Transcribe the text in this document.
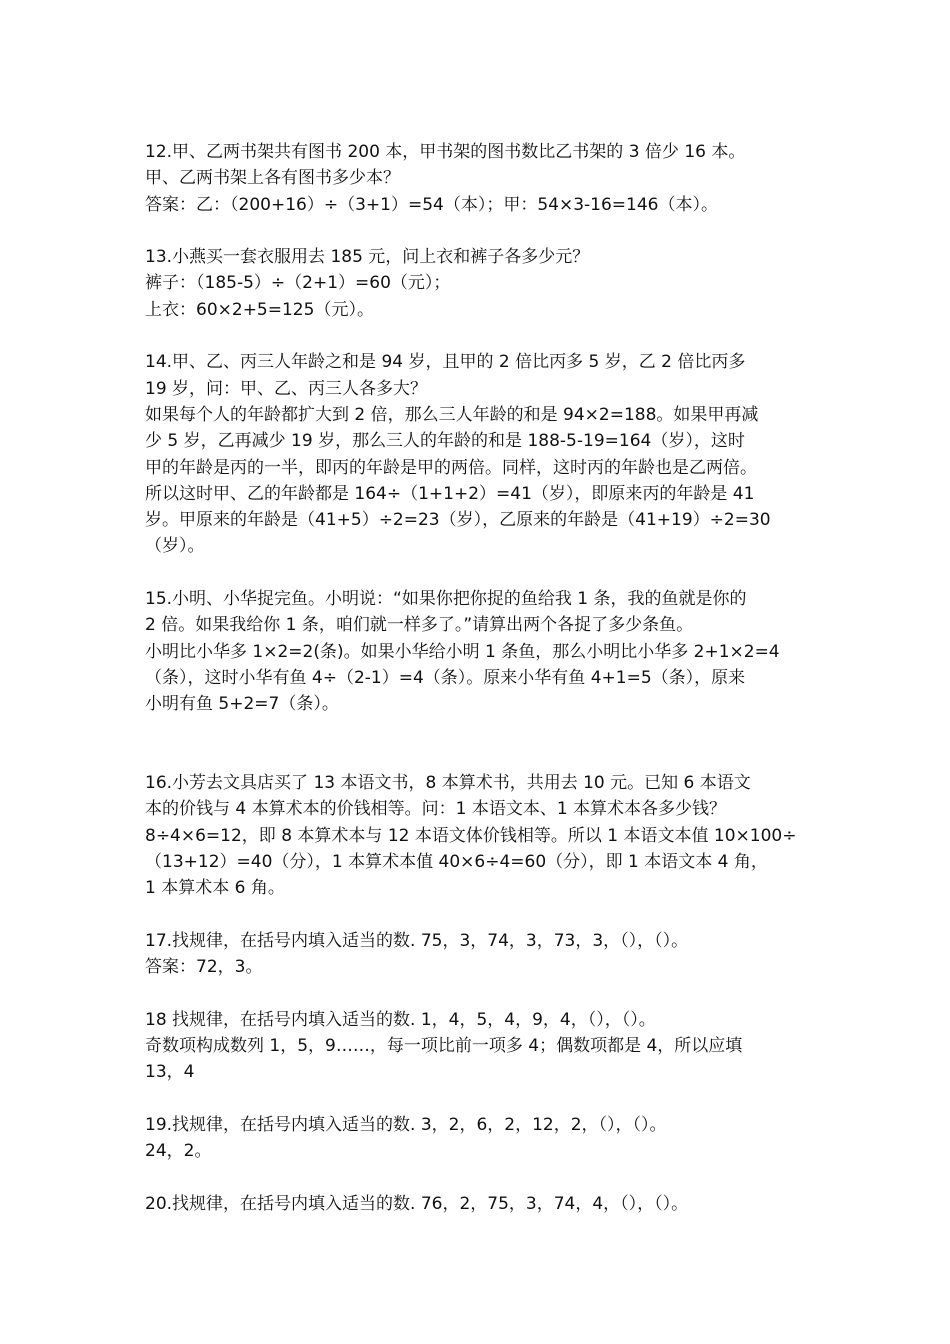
12.甲、乙两书架共有图书 200 本，甲书架的图书数比乙书架的 3 倍少 16 本。
甲、乙两书架上各有图书多少本？
答案：乙：（200+16）÷（3+1）=54（本）；甲：54×3-16=146（本）。
13.小燕买一套衣服用去 185 元，问上衣和裤子各多少元？
裤子：（185-5）÷（2+1）=60（元）；
上衣：60×2+5=125（元）。
14.甲、乙、丙三人年龄之和是 94 岁，且甲的 2 倍比丙多 5 岁，乙 2 倍比丙多
19 岁，问：甲、乙、丙三人各多大？
如果每个人的年龄都扩大到 2 倍，那么三人年龄的和是 94×2=188。如果甲再减
少 5 岁，乙再减少 19 岁，那么三人的年龄的和是 188-5-19=164（岁），这时
甲的年龄是丙的一半，即丙的年龄是甲的两倍。同样，这时丙的年龄也是乙两倍。
所以这时甲、乙的年龄都是 164÷（1+1+2）=41（岁），即原来丙的年龄是 41
岁。甲原来的年龄是（41+5）÷2=23（岁），乙原来的年龄是（41+19）÷2=30
（岁）。
15.小明、小华捉完鱼。小明说：“如果你把你捉的鱼给我 1 条，我的鱼就是你的
2 倍。如果我给你 1 条，咱们就一样多了。”请算出两个各捉了多少条鱼。
小明比小华多 1×2=2(条)。如果小华给小明 1 条鱼，那么小明比小华多 2+1×2=4
（条），这时小华有鱼 4÷（2-1）=4（条）。原来小华有鱼 4+1=5（条），原来
小明有鱼 5+2=7（条）。
16.小芳去文具店买了 13 本语文书，8 本算术书，共用去 10 元。已知 6 本语文
本的价钱与 4 本算术本的价钱相等。问：1 本语文本、1 本算术本各多少钱？
8÷4×6=12，即 8 本算术本与 12 本语文体价钱相等。所以 1 本语文本值 10×100÷
（13+12）=40（分），1 本算术本值 40×6÷4=60（分），即 1 本语文本 4 角，
1 本算术本 6 角。
17.找规律，在括号内填入适当的数. 75，3，74，3，73，3，（），（）。
答案：72，3。
18 找规律，在括号内填入适当的数. 1，4，5，4，9，4，（），（）。
奇数项构成数列 1，5，9……，每一项比前一项多 4；偶数项都是 4，所以应填
13，4
19.找规律，在括号内填入适当的数. 3，2，6，2，12，2，（），（）。
24，2。
20.找规律，在括号内填入适当的数. 76，2，75，3，74，4，（），（）。
